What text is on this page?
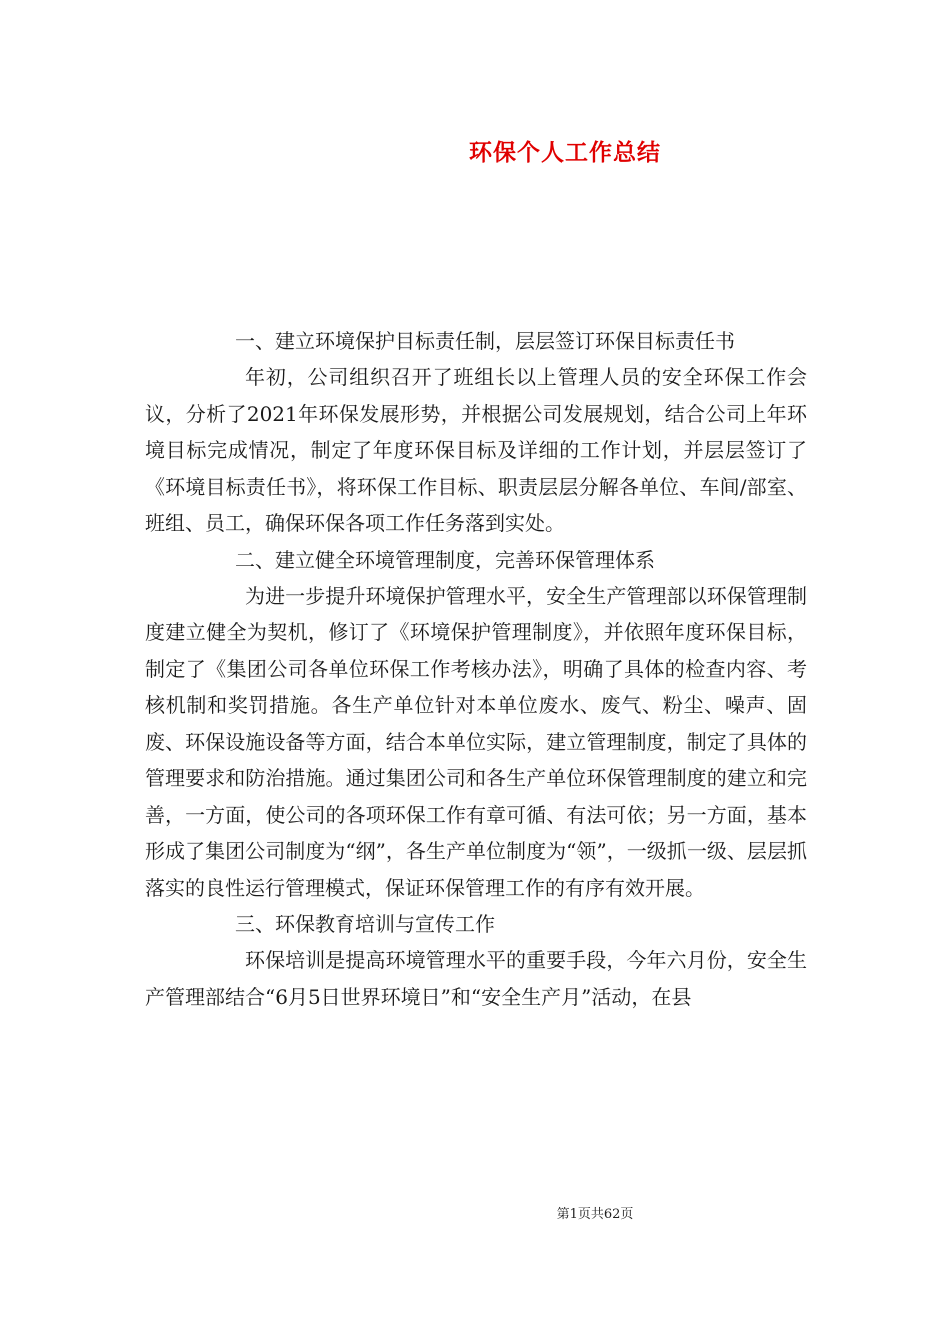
环保个人工作总结

一、建立环境保护目标责任制，层层签订环保目标责任书

年初，公司组织召开了班组长以上管理人员的安全环保工作会议，分析了2021年环保发展形势，并根据公司发展规划，结合公司上年环境目标完成情况，制定了年度环保目标及详细的工作计划，并层层签订了《环境目标责任书》，将环保工作目标、职责层层分解各单位、车间/部室、班组、员工，确保环保各项工作任务落到实处。

二、建立健全环境管理制度，完善环保管理体系

为进一步提升环境保护管理水平，安全生产管理部以环保管理制度建立健全为契机，修订了《环境保护管理制度》，并依照年度环保目标，制定了《集团公司各单位环保工作考核办法》，明确了具体的检查内容、考核机制和奖罚措施。各生产单位针对本单位废水、废气、粉尘、噪声、固废、环保设施设备等方面，结合本单位实际，建立管理制度，制定了具体的管理要求和防治措施。通过集团公司和各生产单位环保管理制度的建立和完善，一方面，使公司的各项环保工作有章可循、有法可依；另一方面，基本形成了集团公司制度为“纲”，各生产单位制度为“领”，一级抓一级、层层抓落实的良性运行管理模式，保证环保管理工作的有序有效开展。

三、环保教育培训与宣传工作

环保培训是提高环境管理水平的重要手段，今年六月份，安全生产管理部结合“6月5日世界环境日”和“安全生产月”活动，在县

第1页共62页
